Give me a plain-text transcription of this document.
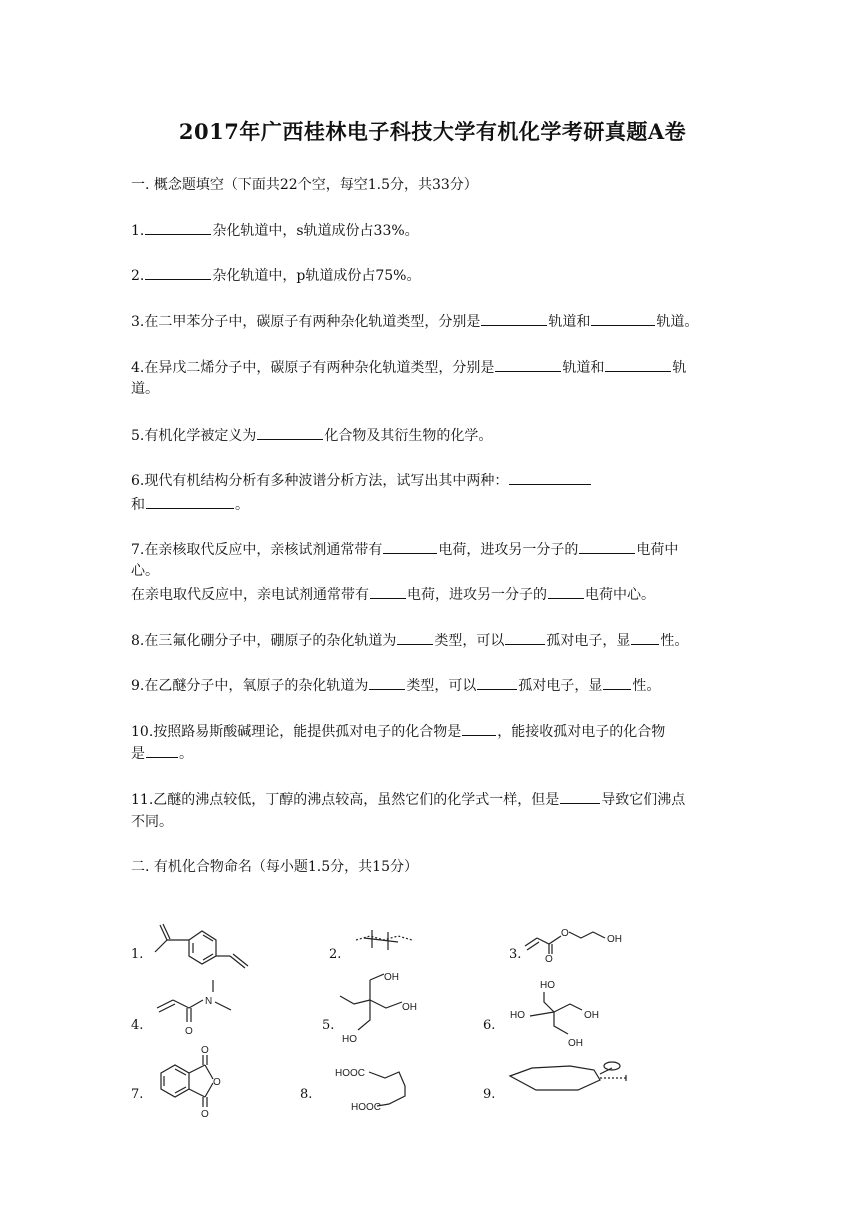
2017年广西桂林电子科技大学有机化学考研真题A卷

一. 概念题填空（下面共22个空，每空1.5分，共33分）

1.	杂化轨道中，s轨道成份占33%。

2.	杂化轨道中，p轨道成份占75%。

3.在二甲苯分子中，碳原子有两种杂化轨道类型，分别是	轨道和	轨道。

4.在异戊二烯分子中，碳原子有两种杂化轨道类型，分别是	轨道和	轨

道。

5.有机化学被定义为	化合物及其衍生物的化学。

6.现代有机结构分析有多种波谱分析方法，试写出其中两种：

和	。

7.在亲核取代反应中，亲核试剂通常带有	电荷，进攻另一分子的	电荷中

心。

在亲电取代反应中，亲电试剂通常带有	电荷，进攻另一分子的	电荷中心。

8.在三氟化硼分子中，硼原子的杂化轨道为	类型，可以	孤对电子，显 性。

9.在乙醚分子中，氧原子的杂化轨道为	类型，可以	孤对电子，显 性。

10.按照路易斯酸碱理论，能提供孤对电子的化合物是	，能接收孤对电子的化合物

是 。

11.乙醚的沸点较低，丁醇的沸点较高，虽然它们的化学式一样，但是	导致它们沸点

不同。

二. 有机化合物命名（每小题1.5分，共15分）

1.	2.	3.
4.	5.	6.
7.	8.	9.
O
O
OH
O
N
OH
OH
HO
HO
HO	OH
OH
O
O
O
HOOC
HOOC
